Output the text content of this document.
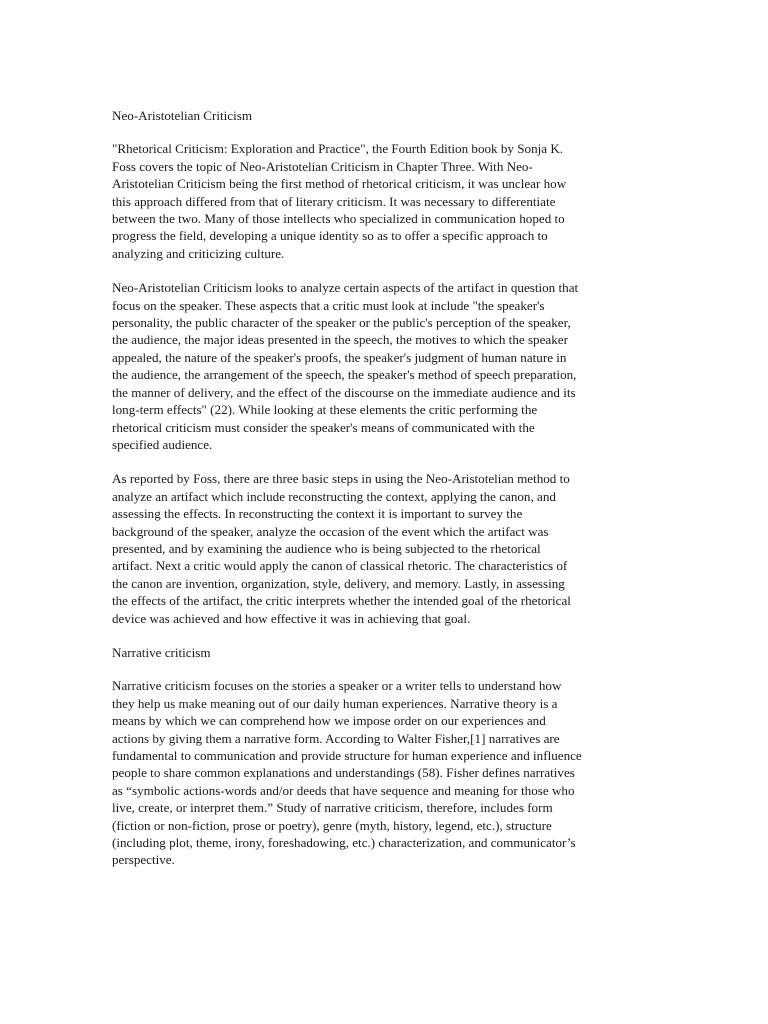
Neo-Aristotelian Criticism
"Rhetorical Criticism: Exploration and Practice", the Fourth Edition book by Sonja K.
Foss covers the topic of Neo-Aristotelian Criticism in Chapter Three. With Neo-
Aristotelian Criticism being the first method of rhetorical criticism, it was unclear how
this approach differed from that of literary criticism. It was necessary to differentiate
between the two. Many of those intellects who specialized in communication hoped to
progress the field, developing a unique identity so as to offer a specific approach to
analyzing and criticizing culture.
Neo-Aristotelian Criticism looks to analyze certain aspects of the artifact in question that
focus on the speaker. These aspects that a critic must look at include "the speaker's
personality, the public character of the speaker or the public's perception of the speaker,
the audience, the major ideas presented in the speech, the motives to which the speaker
appealed, the nature of the speaker's proofs, the speaker's judgment of human nature in
the audience, the arrangement of the speech, the speaker's method of speech preparation,
the manner of delivery, and the effect of the discourse on the immediate audience and its
long-term effects" (22). While looking at these elements the critic performing the
rhetorical criticism must consider the speaker's means of communicated with the
specified audience.
As reported by Foss, there are three basic steps in using the Neo-Aristotelian method to
analyze an artifact which include reconstructing the context, applying the canon, and
assessing the effects. In reconstructing the context it is important to survey the
background of the speaker, analyze the occasion of the event which the artifact was
presented, and by examining the audience who is being subjected to the rhetorical
artifact. Next a critic would apply the canon of classical rhetoric. The characteristics of
the canon are invention, organization, style, delivery, and memory. Lastly, in assessing
the effects of the artifact, the critic interprets whether the intended goal of the rhetorical
device was achieved and how effective it was in achieving that goal.
Narrative criticism
Narrative criticism focuses on the stories a speaker or a writer tells to understand how
they help us make meaning out of our daily human experiences. Narrative theory is a
means by which we can comprehend how we impose order on our experiences and
actions by giving them a narrative form. According to Walter Fisher,[1] narratives are
fundamental to communication and provide structure for human experience and influence
people to share common explanations and understandings (58). Fisher defines narratives
as “symbolic actions-words and/or deeds that have sequence and meaning for those who
live, create, or interpret them.” Study of narrative criticism, therefore, includes form
(fiction or non-fiction, prose or poetry), genre (myth, history, legend, etc.), structure
(including plot, theme, irony, foreshadowing, etc.) characterization, and communicator’s
perspective.
